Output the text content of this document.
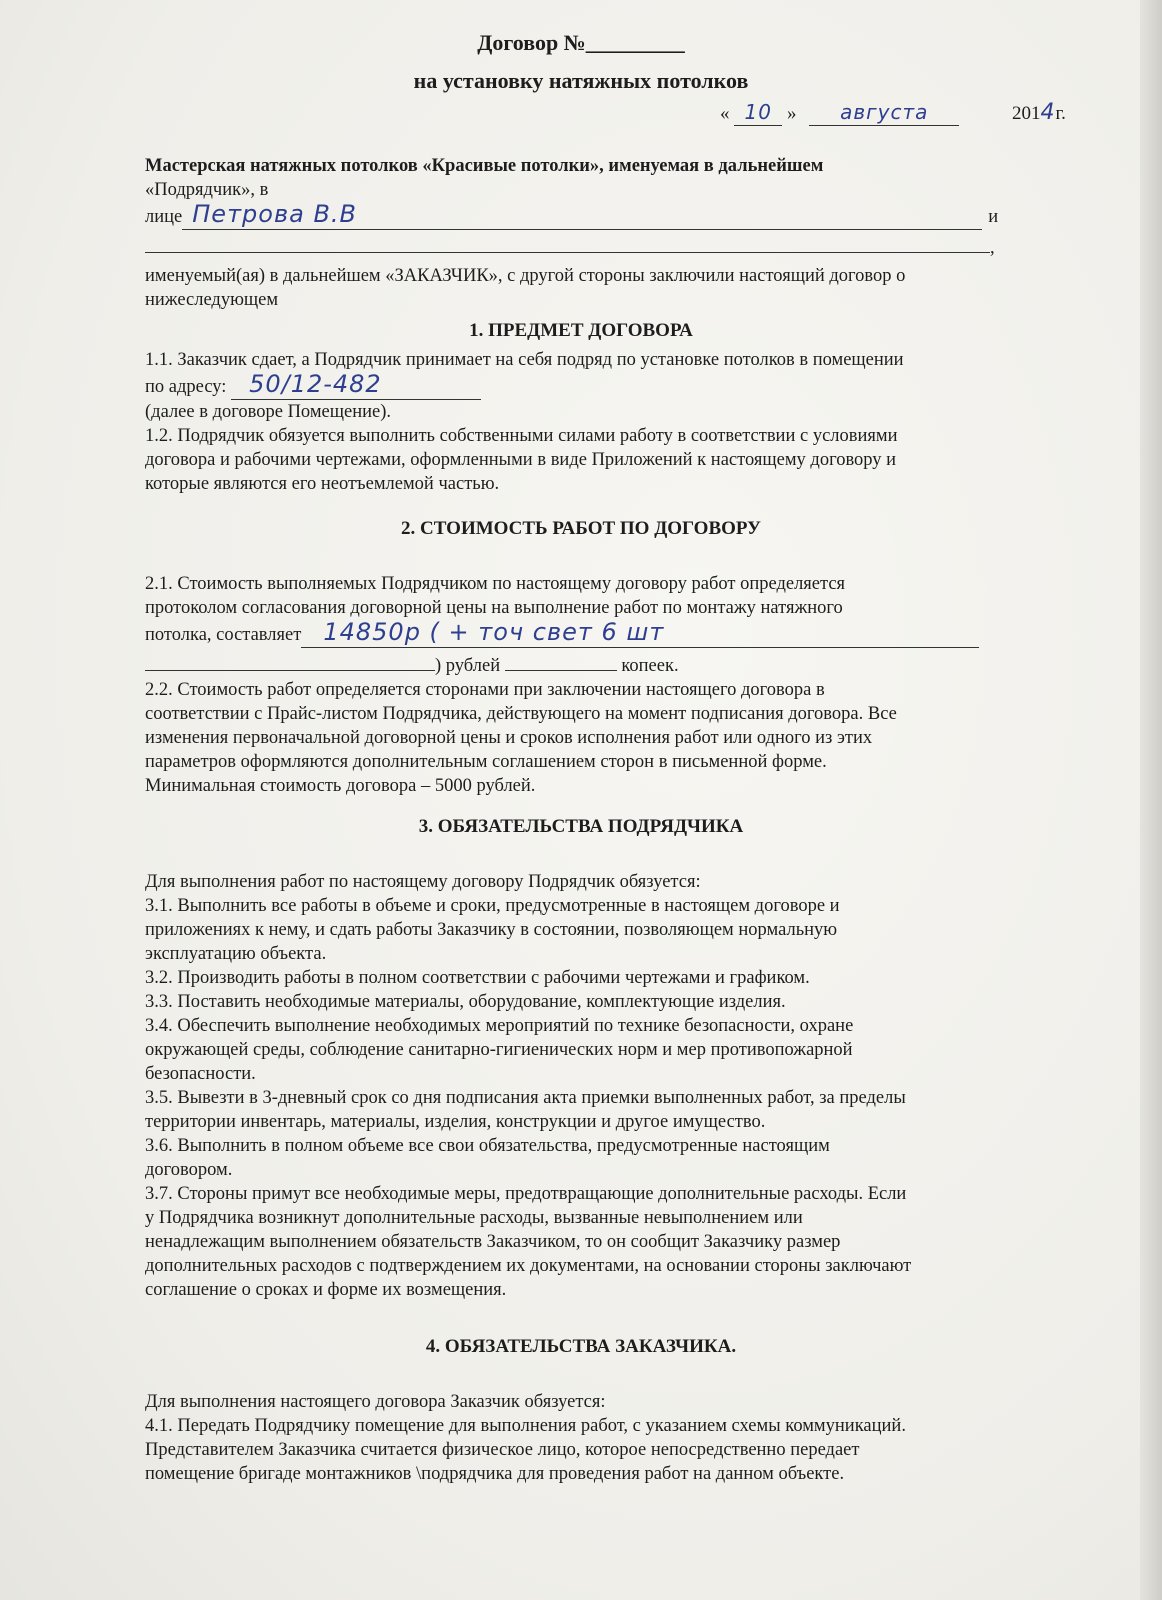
Договор №_________
на установку натяжных потолков
« 10 » августа	2014г.

Мастерская натяжных потолков «Красивые потолки», именуемая в дальнейшем

«Подрядчик», в

лице Петрова В.В	и

,

именуемый(ая) в дальнейшем «ЗАКАЗЧИК», с другой стороны заключили настоящий договор о

нижеследующем

1. ПРЕДМЕТ ДОГОВОРА

1.1. Заказчик сдает, а Подрядчик принимает на себя подряд по установке потолков в помещении

по адресу: 50/12-482

(далее в договоре Помещение).

1.2. Подрядчик обязуется выполнить собственными силами работу в соответствии с условиями

договора и рабочими чертежами, оформленными в виде Приложений к настоящему договору и

которые являются его неотъемлемой частью.

2. СТОИМОСТЬ РАБОТ ПО ДОГОВОРУ

2.1. Стоимость выполняемых Подрядчиком по настоящему договору работ определяется

протоколом согласования договорной цены на выполнение работ по монтажу натяжного

потолка, составляет 14850р ( + точ свет 6 шт

) рублей	копеек.

2.2. Стоимость работ определяется сторонами при заключении настоящего договора в

соответствии с Прайс-листом Подрядчика, действующего на момент подписания договора. Все

изменения первоначальной договорной цены и сроков исполнения работ или одного из этих

параметров оформляются дополнительным соглашением сторон в письменной форме.

Минимальная стоимость договора – 5000 рублей.

3. ОБЯЗАТЕЛЬСТВА ПОДРЯДЧИКА

Для выполнения работ по настоящему договору Подрядчик обязуется:

3.1. Выполнить все работы в объеме и сроки, предусмотренные в настоящем договоре и

приложениях к нему, и сдать работы Заказчику в состоянии, позволяющем нормальную

эксплуатацию объекта.

3.2. Производить работы в полном соответствии с рабочими чертежами и графиком.

3.3. Поставить необходимые материалы, оборудование, комплектующие изделия.

3.4. Обеспечить выполнение необходимых мероприятий по технике безопасности, охране

окружающей среды, соблюдение санитарно-гигиенических норм и мер противопожарной

безопасности.

3.5. Вывезти в 3-дневный срок со дня подписания акта приемки выполненных работ, за пределы

территории инвентарь, материалы, изделия, конструкции и другое имущество.

3.6. Выполнить в полном объеме все свои обязательства, предусмотренные настоящим

договором.

3.7. Стороны примут все необходимые меры, предотвращающие дополнительные расходы. Если

у Подрядчика возникнут дополнительные расходы, вызванные невыполнением или

ненадлежащим выполнением обязательств Заказчиком, то он сообщит Заказчику размер

дополнительных расходов с подтверждением их документами, на основании стороны заключают

соглашение о сроках и форме их возмещения.

4. ОБЯЗАТЕЛЬСТВА ЗАКАЗЧИКА.

Для выполнения настоящего договора Заказчик обязуется:

4.1. Передать Подрядчику помещение для выполнения работ, с указанием схемы коммуникаций.

Представителем Заказчика считается физическое лицо, которое непосредственно передает

помещение бригаде монтажников \подрядчика для проведения работ на данном объекте.
